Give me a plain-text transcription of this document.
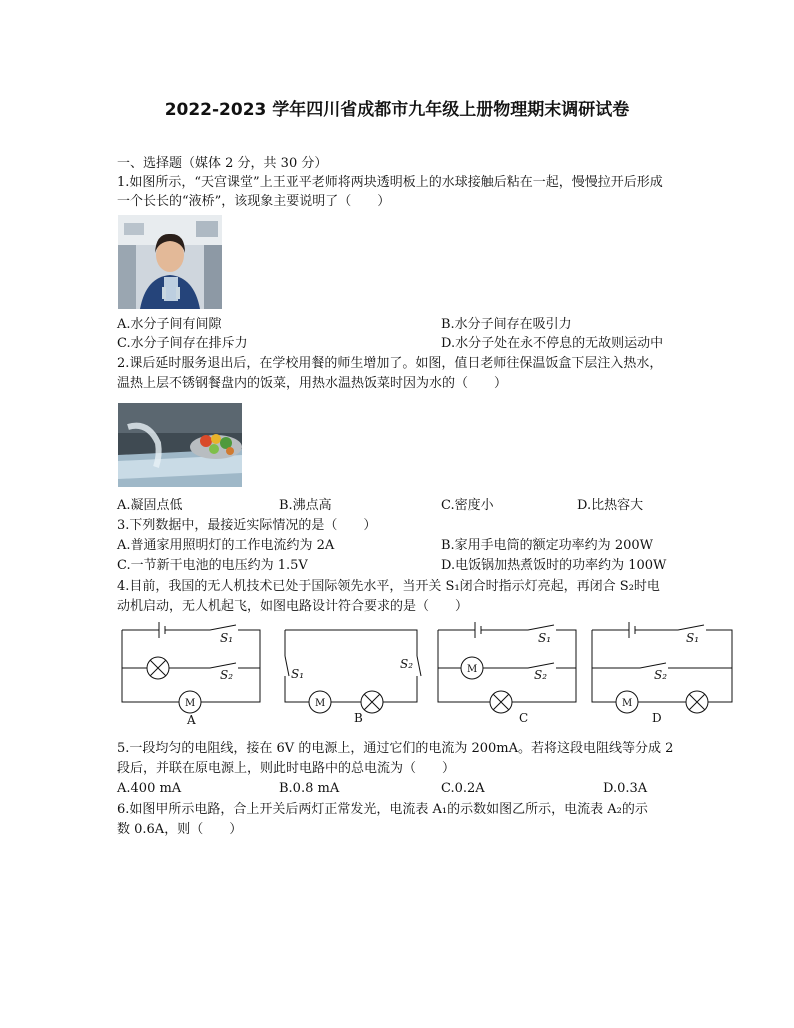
2022-2023 学年四川省成都市九年级上册物理期末调研试卷
一、选择题（媒体 2 分，共 30 分）
1.如图所示，“天宫课堂”上王亚平老师将两块透明板上的水球接触后粘在一起，慢慢拉开后形成
一个长长的“液桥”，该现象主要说明了（　　）
A.水分子间有间隙	B.水分子间存在吸引力
C.水分子间存在排斥力	D.水分子处在永不停息的无故则运动中
2.课后延时服务退出后，在学校用餐的师生增加了。如图，值日老师往保温饭盒下层注入热水，
温热上层不锈钢餐盘内的饭菜，用热水温热饭菜时因为水的（　　）
A.凝固点低	B.沸点高	C.密度小	D.比热容大
3.下列数据中，最接近实际情况的是（　　）
A.普通家用照明灯的工作电流约为 2A	B.家用手电筒的额定功率约为 200W
C.一节新干电池的电压约为 1.5V	D.电饭锅加热煮饭时的功率约为 100W
4.目前，我国的无人机技术已处于国际领先水平，当开关 S₁闭合时指示灯亮起，再闭合 S₂时电
动机启动，无人机起飞，如图电路设计符合要求的是（　　）
S₁
S₂
M
A
S₁
S₂
M
B
S₁
S₂
M
C
S₁
S₂
M
D
5.一段均匀的电阻线，接在 6V 的电源上，通过它们的电流为 200mA。若将这段电阻线等分成 2
段后，并联在原电源上，则此时电路中的总电流为（　　）
A.400 mA	B.0.8 mA	C.0.2A	D.0.3A
6.如图甲所示电路，合上开关后两灯正常发光，电流表 A₁的示数如图乙所示，电流表 A₂的示
数 0.6A，则（　　）
